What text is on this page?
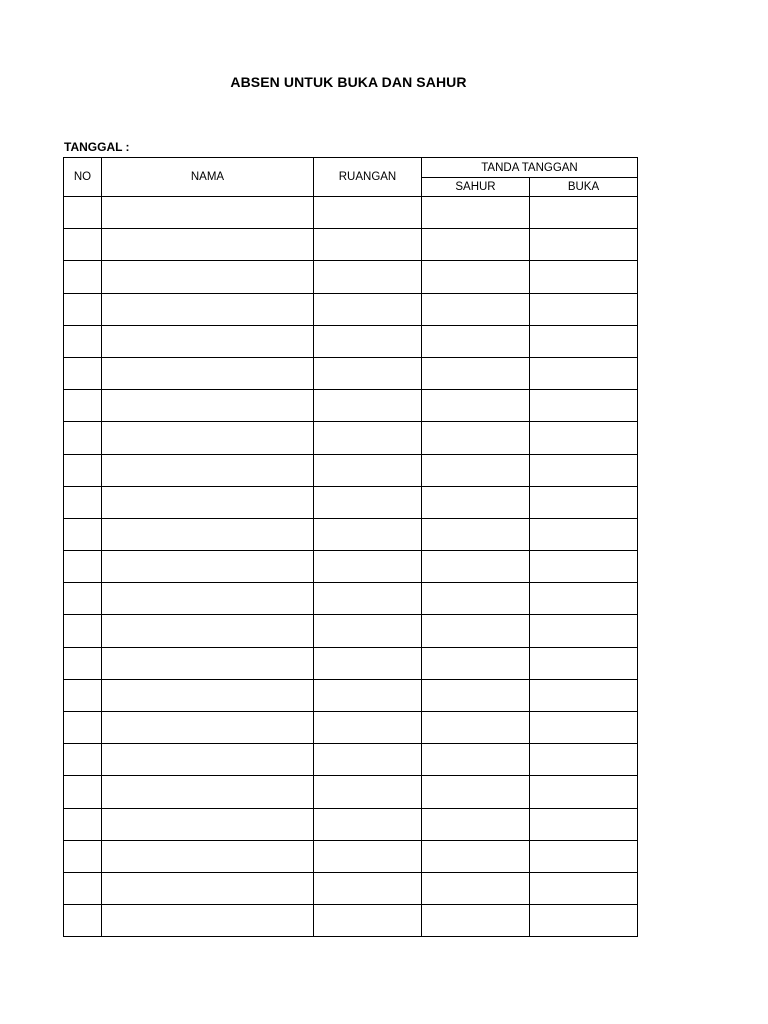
ABSEN UNTUK BUKA DAN SAHUR
TANGGAL :
NO	NAMA	RUANGAN	TANDA TANGGAN	
			SAHUR	BUKA
